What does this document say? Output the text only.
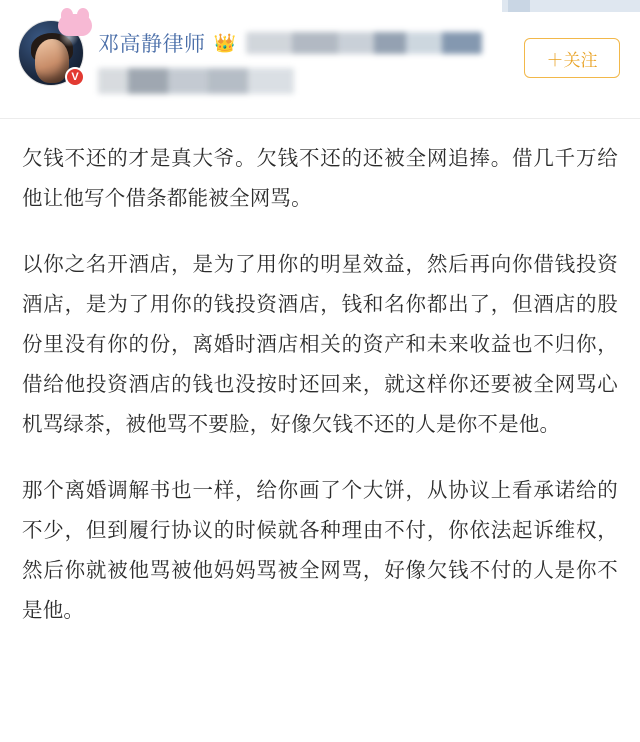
V
邓高静律师 👑
＋关注

欠钱不还的才是真大爷。欠钱不还的还被全网追捧。借几千万给他让他写个借条都能被全网骂。

以你之名开酒店，是为了用你的明星效益，然后再向你借钱投资酒店，是为了用你的钱投资酒店，钱和名你都出了，但酒店的股份里没有你的份，离婚时酒店相关的资产和未来收益也不归你，借给他投资酒店的钱也没按时还回来，就这样你还要被全网骂心机骂绿茶，被他骂不要脸，好像欠钱不还的人是你不是他。

那个离婚调解书也一样，给你画了个大饼，从协议上看承诺给的不少，但到履行协议的时候就各种理由不付，你依法起诉维权，然后你就被他骂被他妈妈骂被全网骂，好像欠钱不付的人是你不是他。
